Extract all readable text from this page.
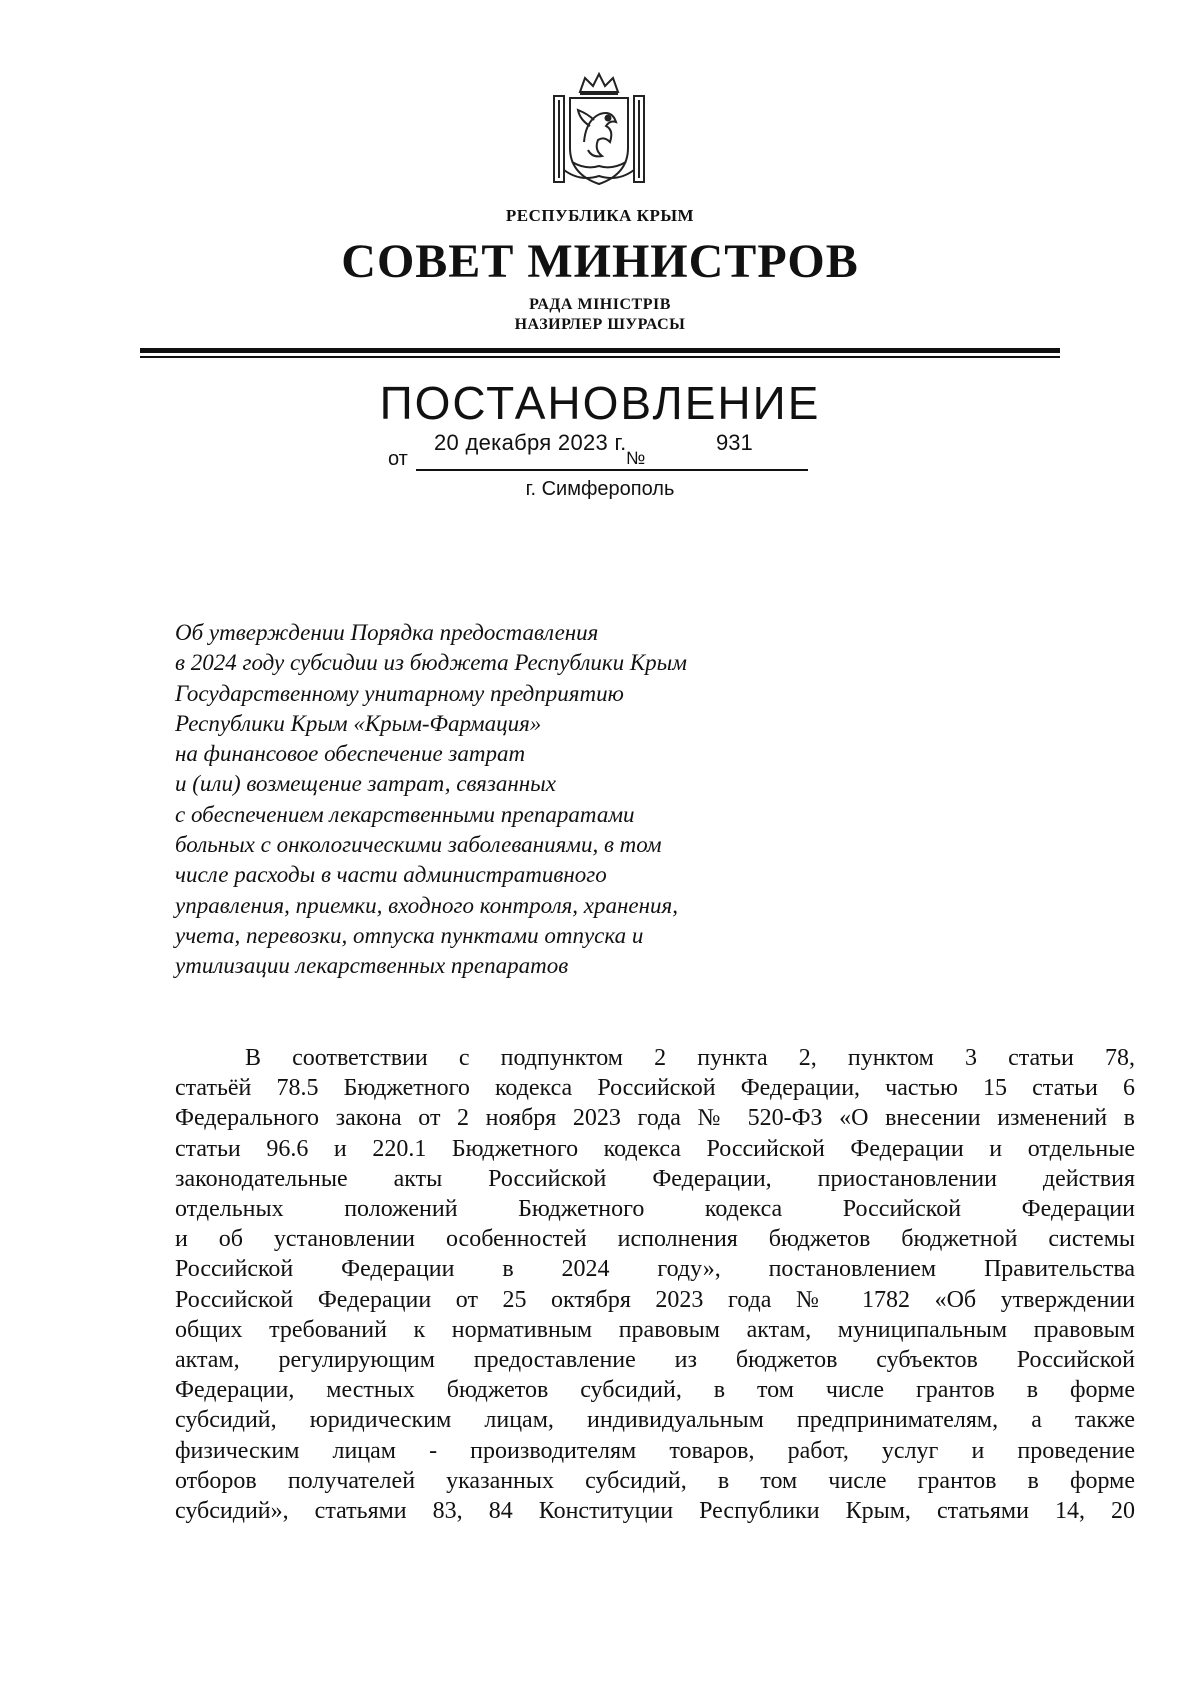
РЕСПУБЛИКА КРЫМ
СОВЕТ МИНИСТРОВ
РАДА МІНІСТРІВ
НАЗИРЛЕР ШУРАСЫ
ПОСТАНОВЛЕНИЕ
от
20 декабря 2023 г.
№
931
г. Симферополь
Об утверждении Порядка предоставления
в 2024 году субсидии из бюджета Республики Крым
Государственному унитарному предприятию
Республики Крым «Крым-Фармация»
на финансовое обеспечение затрат
и (или) возмещение затрат, связанных
с обеспечением лекарственными препаратами
больных с онкологическими заболеваниями, в том
числе расходы в части административного
управления, приемки, входного контроля, хранения,
учета, перевозки, отпуска пунктами отпуска и
утилизации лекарственных препаратов
В соответствии с подпунктом 2 пункта 2, пунктом 3 статьи 78,
статьёй 78.5 Бюджетного кодекса Российской Федерации, частью 15 статьи 6
Федерального закона от 2 ноября 2023 года № 520-ФЗ «О внесении изменений в
статьи 96.6 и 220.1 Бюджетного кодекса Российской Федерации и отдельные
законодательные акты Российской Федерации, приостановлении действия
отдельных положений Бюджетного кодекса Российской Федерации
и об установлении особенностей исполнения бюджетов бюджетной системы
Российской Федерации в 2024 году», постановлением Правительства
Российской Федерации от 25 октября 2023 года № 1782 «Об утверждении
общих требований к нормативным правовым актам, муниципальным правовым
актам, регулирующим предоставление из бюджетов субъектов Российской
Федерации, местных бюджетов субсидий, в том числе грантов в форме
субсидий, юридическим лицам, индивидуальным предпринимателям, а также
физическим лицам - производителям товаров, работ, услуг и проведение
отборов получателей указанных субсидий, в том числе грантов в форме
субсидий», статьями 83, 84 Конституции Республики Крым, статьями 14, 20
